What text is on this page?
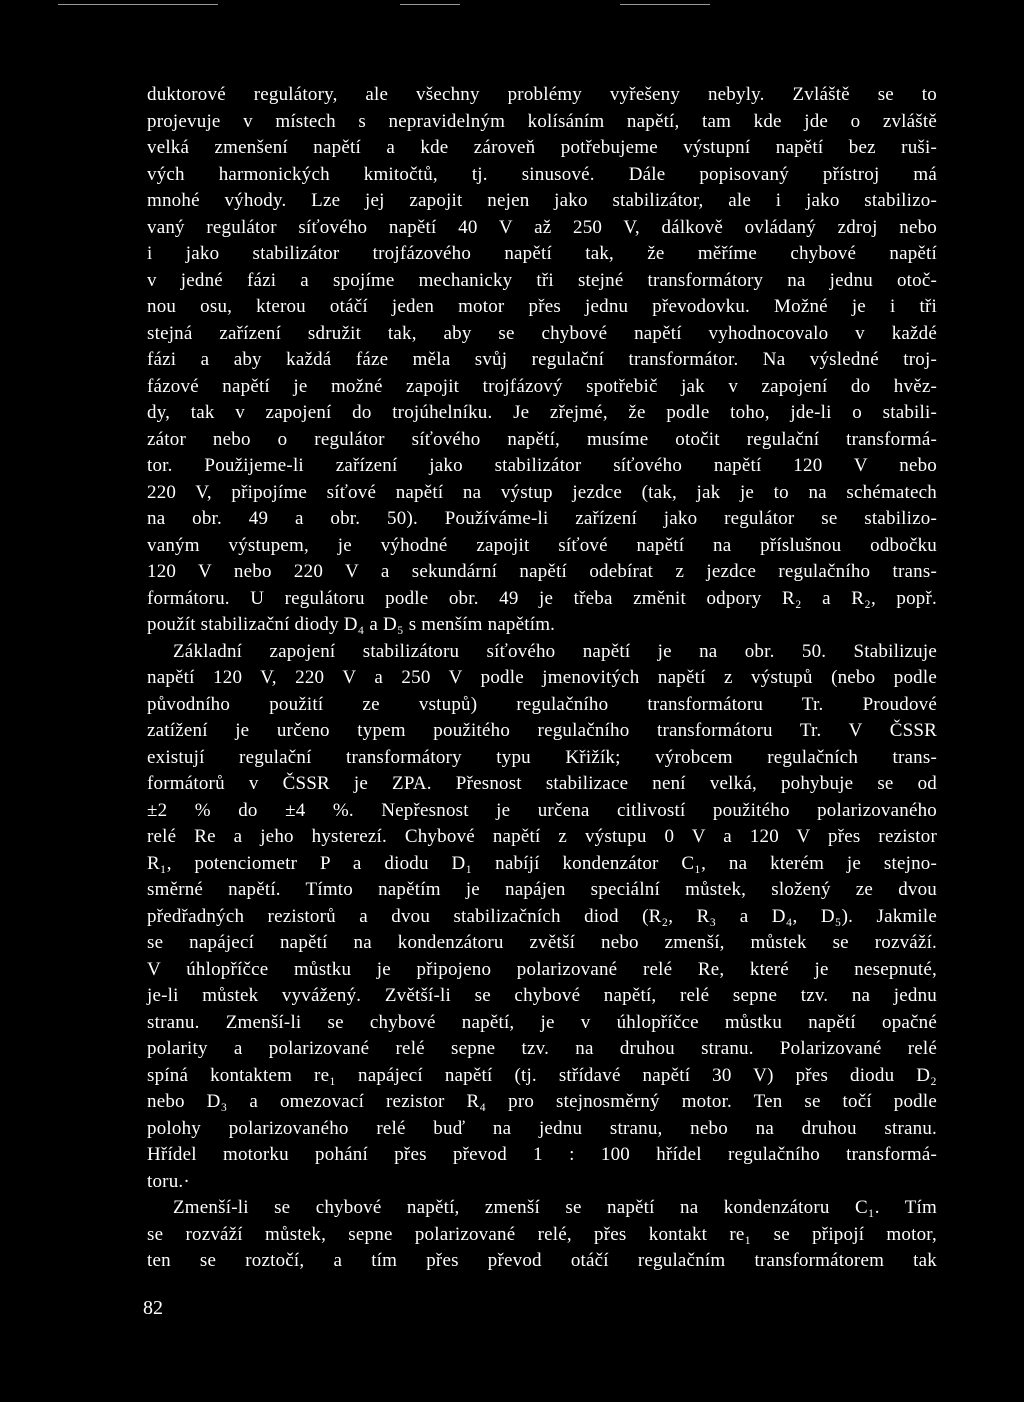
duktorové regulátory, ale všechny problémy vyřešeny nebyly. Zvláště se to
projevuje v místech s nepravidelným kolísáním napětí, tam kde jde o zvláště
velká zmenšení napětí a kde zároveň potřebujeme výstupní napětí bez ruši-
vých harmonických kmitočtů, tj. sinusové. Dále popisovaný přístroj má
mnohé výhody. Lze jej zapojit nejen jako stabilizátor, ale i jako stabilizo-
vaný regulátor síťového napětí 40 V až 250 V, dálkově ovládaný zdroj nebo
i jako stabilizátor trojfázového napětí tak, že měříme chybové napětí
v jedné fázi a spojíme mechanicky tři stejné transformátory na jednu otoč-
nou osu, kterou otáčí jeden motor přes jednu převodovku. Možné je i tři
stejná zařízení sdružit tak, aby se chybové napětí vyhodnocovalo v každé
fázi a aby každá fáze měla svůj regulační transformátor. Na výsledné troj-
fázové napětí je možné zapojit trojfázový spotřebič jak v zapojení do hvěz-
dy, tak v zapojení do trojúhelníku. Je zřejmé, že podle toho, jde-li o stabili-
zátor nebo o regulátor síťového napětí, musíme otočit regulační transformá-
tor. Použijeme-li zařízení jako stabilizátor síťového napětí 120 V nebo
220 V, připojíme síťové napětí na výstup jezdce (tak, jak je to na schématech
na obr. 49 a obr. 50). Používáme-li zařízení jako regulátor se stabilizo-
vaným výstupem, je výhodné zapojit síťové napětí na příslušnou odbočku
120 V nebo 220 V a sekundární napětí odebírat z jezdce regulačního trans-
formátoru. U regulátoru podle obr. 49 je třeba změnit odpory R₂ a R₂, popř.
použít stabilizační diody D₄ a D₅ s menším napětím.
Základní zapojení stabilizátoru síťového napětí je na obr. 50. Stabilizuje
napětí 120 V, 220 V a 250 V podle jmenovitých napětí z výstupů (nebo podle
původního použití ze vstupů) regulačního transformátoru Tr. Proudové
zatížení je určeno typem použitého regulačního transformátoru Tr. V ČSSR
existují regulační transformátory typu Křižík; výrobcem regulačních trans-
formátorů v ČSSR je ZPA. Přesnost stabilizace není velká, pohybuje se od
±2 % do ±4 %. Nepřesnost je určena citlivostí použitého polarizovaného
relé Re a jeho hysterezí. Chybové napětí z výstupu 0 V a 120 V přes rezistor
R₁, potenciometr P a diodu D₁ nabíjí kondenzátor C₁, na kterém je stejno-
směrné napětí. Tímto napětím je napájen speciální můstek, složený ze dvou
předřadných rezistorů a dvou stabilizačních diod (R₂, R₃ a D₄, D₅). Jakmile
se napájecí napětí na kondenzátoru zvětší nebo zmenší, můstek se rozváží.
V úhlopříčce můstku je připojeno polarizované relé Re, které je nesepnuté,
je-li můstek vyvážený. Zvětší-li se chybové napětí, relé sepne tzv. na jednu
stranu. Zmenší-li se chybové napětí, je v úhlopříčce můstku napětí opačné
polarity a polarizované relé sepne tzv. na druhou stranu. Polarizované relé
spíná kontaktem re₁ napájecí napětí (tj. střídavé napětí 30 V) přes diodu D₂
nebo D₃ a omezovací rezistor R₄ pro stejnosměrný motor. Ten se točí podle
polohy polarizovaného relé buď na jednu stranu, nebo na druhou stranu.
Hřídel motorku pohání přes převod 1 : 100 hřídel regulačního transformá-
toru.·
Zmenší-li se chybové napětí, zmenší se napětí na kondenzátoru C₁. Tím
se rozváží můstek, sepne polarizované relé, přes kontakt re₁ se připojí motor,
ten se roztočí, a tím přes převod otáčí regulačním transformátorem tak
82
